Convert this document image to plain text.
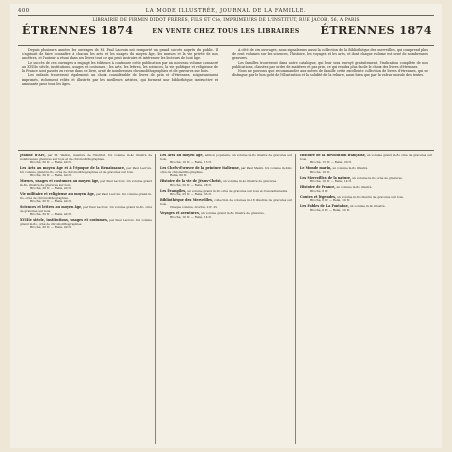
400	LA MODE ILLUSTRÉE, JOURNAL DE LA FAMILLE.
LIBRAIRIE DE FIRMIN DIDOT FRÈRES, FILS ET Cie, IMPRIMEURS DE L'INSTITUT, RUE JACOB, 56, A PARIS
ÉTRENNES 1874	ÉTRENNES 1874
EN VENTE CHEZ TOUS LES LIBRAIRES

Depuis plusieurs années les ouvrages de M. Paul Lacroix ont remporté un grand succès auprès du public. Il s'agissait de faire connaître à chacun les arts et les usages du moyen âge, les mœurs et la vie privée de nos ancêtres, et l'auteur a réuni dans ses livres tout ce qui peut instruire et intéresser les lecteurs de tout âge.

Le succès de ces ouvrages a engagé les éditeurs à continuer cette publication par un nouveau volume consacré au XVIIIe siècle, institutions, usages et costumes ; les arts, les lettres, les sciences, la vie politique et religieuse de la France sont passés en revue dans ce livre, orné de nombreuses chromolithographies et de gravures sur bois.

Les enfants trouveront également un choix considérable de livres de prix et d'étrennes, soigneusement imprimés, richement reliés et illustrés par les meilleurs artistes, qui forment une bibliothèque instructive et amusante pour tous les âges.

A côté de ces ouvrages, nous signalerons aussi la collection de la Bibliothèque des merveilles, qui comprend plus de cent volumes sur les sciences, l'histoire, les voyages et les arts, et dont chaque volume est orné de nombreuses gravures.

Les familles trouveront dans notre catalogue, qui leur sera envoyé gratuitement, l'indication complète de nos publications, classées par ordre de matières et par prix, ce qui rendra plus facile le choix des livres d'étrennes.

Nous ne pouvons que recommander aux mères de famille cette excellente collection de livres d'étrennes, qui se distingue par le bon goût de l'illustration et la solidité de la reliure, aussi bien que par la valeur morale des textes.

Jeanne d'Arc, par M. Wallon, membre de l'Institut. Un volume in-4o illustré de nombreuses gravures sur bois et de chromolithographies.
Broché, 30 fr. — Relié, 40 fr.
Les Arts au moyen âge et à l'époque de la Renaissance, par Paul Lacroix. Un volume grand in-8o, orné de chromolithographies et de gravures sur bois.
Broché, 30 fr. — Relié, 40 fr.
Mœurs, usages et costumes au moyen âge, par Paul Lacroix. Un volume grand in-8o, illustré de gravures sur bois.
Broché, 30 fr. — Relié, 40 fr.
Vie militaire et religieuse au moyen âge, par Paul Lacroix. Un volume grand in-8o, orné de chromolithographies.
Broché, 30 fr. — Relié, 40 fr.
Sciences et lettres au moyen âge, par Paul Lacroix. Un volume grand in-8o, orné de gravures sur bois.
Broché, 30 fr. — Relié, 40 fr.
XVIIIe siècle, institutions, usages et costumes, par Paul Lacroix. Un volume grand in-8o, orné de chromolithographies.
Broché, 30 fr. — Relié, 40 fr.
Les Arts au moyen âge, édition populaire, un volume in-8o illustré de gravures sur bois.
Broché, 10 fr. — Relié, 15 fr.
Les Chefs-d'œuvre de la peinture italienne, par Paul Mantz. Un volume in-folio orné de chromolithographies.
Relié, 60 fr.
Histoire de la vie de Jésus-Christ, un volume in-4o illustré de gravures.
Broché, 20 fr. — Relié, 28 fr.
Les Évangiles, un volume grand in-8o orné de gravures sur bois et d'encadrements.
Broché, 25 fr. — Relié, 35 fr.
Bibliothèque des Merveilles, collection de volumes in-18 illustrés de gravures sur bois.
Chaque volume, broché, 2 fr. 25.
Voyages et aventures, un volume grand in-8o illustré de gravures.
Broché, 10 fr. — Relié, 14 fr.
Histoire de la Révolution française, un volume grand in-8o orné de gravures sur bois.
Broché, 15 fr. — Relié, 20 fr.
Le Monde marin, un volume in-8o illustré.
Broché, 10 fr.
Les Merveilles de la nature, un volume in-8o orné de gravures.
Broché, 10 fr. — Relié, 14 fr.
Histoire de France, un volume in-8o illustré.
Broché, 8 fr.
Contes et légendes, un volume in-8o illustré de gravures sur bois.
Broché, 6 fr. — Relié, 10 fr.
Les Fables de La Fontaine, un volume in-8o illustré.
Broché, 6 fr. — Relié, 10 fr.
